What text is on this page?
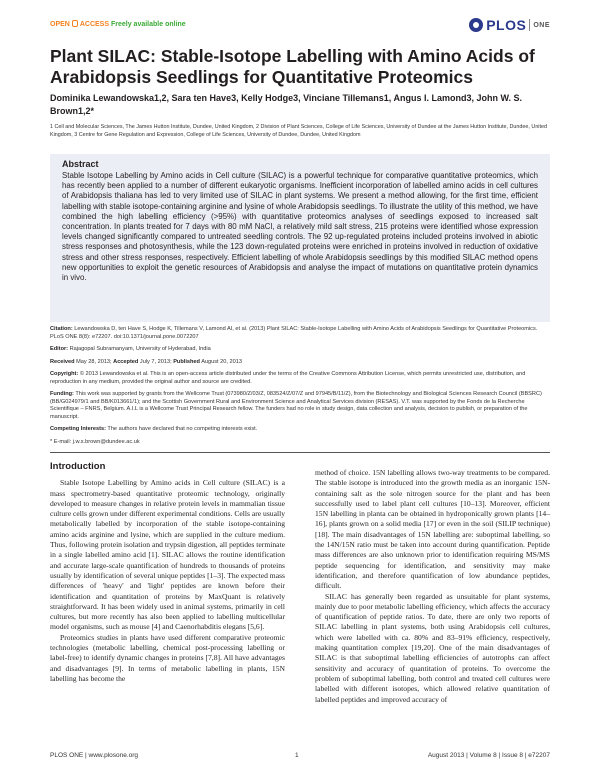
OPEN ACCESS Freely available online	PLOS ONE
Plant SILAC: Stable-Isotope Labelling with Amino Acids of Arabidopsis Seedlings for Quantitative Proteomics
Dominika Lewandowska1,2, Sara ten Have3, Kelly Hodge3, Vinciane Tillemans1, Angus I. Lamond3, John W. S. Brown1,2*
1 Cell and Molecular Sciences, The James Hutton Institute, Dundee, United Kingdom, 2 Division of Plant Sciences, College of Life Sciences, University of Dundee at the James Hutton Institute, Dundee, United Kingdom, 3 Centre for Gene Regulation and Expression, College of Life Sciences, University of Dundee, Dundee, United Kingdom
Abstract
Stable Isotope Labelling by Amino acids in Cell culture (SILAC) is a powerful technique for comparative quantitative proteomics, which has recently been applied to a number of different eukaryotic organisms. Inefficient incorporation of labelled amino acids in cell cultures of Arabidopsis thaliana has led to very limited use of SILAC in plant systems. We present a method allowing, for the first time, efficient labelling with stable isotope-containing arginine and lysine of whole Arabidopsis seedlings. To illustrate the utility of this method, we have combined the high labelling efficiency (>95%) with quantitative proteomics analyses of seedlings exposed to increased salt concentration. In plants treated for 7 days with 80 mM NaCl, a relatively mild salt stress, 215 proteins were identified whose expression levels changed significantly compared to untreated seedling controls. The 92 up-regulated proteins included proteins involved in abiotic stress responses and photosynthesis, while the 123 down-regulated proteins were enriched in proteins involved in reduction of oxidative stress and other stress responses, respectively. Efficient labelling of whole Arabidopsis seedlings by this modified SILAC method opens new opportunities to exploit the genetic resources of Arabidopsis and analyse the impact of mutations on quantitative protein dynamics in vivo.

Citation: Lewandowska D, ten Have S, Hodge K, Tillemans V, Lamond AI, et al. (2013) Plant SILAC: Stable-Isotope Labelling with Amino Acids of Arabidopsis Seedlings for Quantitative Proteomics. PLoS ONE 8(8): e72207. doi:10.1371/journal.pone.0072207

Editor: Rajagopal Subramanyam, University of Hyderabad, India

Received May 28, 2013; Accepted July 7, 2013; Published August 20, 2013

Copyright: © 2013 Lewandowska et al. This is an open-access article distributed under the terms of the Creative Commons Attribution License, which permits unrestricted use, distribution, and reproduction in any medium, provided the original author and source are credited.

Funding: This work was supported by grants from the Wellcome Trust (073980/Z/03/Z, 083524/Z/07/Z and 97945/B/11/Z), from the Biotechnology and Biological Sciences Research Council (BBSRC) (BB/G024979/1 and BB/K013661/1); and the Scottish Government Rural and Environment Science and Analytical Services division (RESAS). V.T. was supported by the Fonds de la Recherche Scientifique – FNRS, Belgium. A.I.L is a Wellcome Trust Principal Research fellow. The funders had no role in study design, data collection and analysis, decision to publish, or preparation of the manuscript.

Competing Interests: The authors have declared that no competing interests exist.

* E-mail: j.w.s.brown@dundee.ac.uk

Introduction

Stable Isotope Labelling by Amino acids in Cell culture (SILAC) is a mass spectrometry-based quantitative proteomic technology, originally developed to measure changes in relative protein levels in mammalian tissue culture cells grown under different experimental conditions. Cells are usually metabolically labelled by incorporation of the stable isotope-containing amino acids arginine and lysine, which are supplied in the culture medium. Thus, following protein isolation and trypsin digestion, all peptides terminate in a single labelled amino acid [1]. SILAC allows the routine identification and accurate large-scale quantification of hundreds to thousands of proteins usually by identification of several unique peptides [1–3]. The expected mass differences of 'heavy' and 'light' peptides are known before their identification and quantitation of proteins by MaxQuant is relatively straightforward. It has been widely used in animal systems, primarily in cell cultures, but more recently has also been applied to labelling multicellular model organisms, such as mouse [4] and Caenorhabditis elegans [5,6].

Proteomics studies in plants have used different comparative proteomic technologies (metabolic labelling, chemical post-processing labelling or label-free) to identify dynamic changes in proteins [7,8]. All have advantages and disadvantages [9]. In terms of metabolic labelling in plants, 15N labelling has become the

method of choice. 15N labelling allows two-way treatments to be compared. The stable isotope is introduced into the growth media as an inorganic 15N-containing salt as the sole nitrogen source for the plant and has been successfully used to label plant cell cultures [10–13]. Moreover, efficient 15N labelling in planta can be obtained in hydroponically grown plants [14–16], plants grown on a solid media [17] or even in the soil (SILIP technique) [18]. The main disadvantages of 15N labelling are: suboptimal labelling, so the 14N/15N ratio must be taken into account during quantification. Peptide mass differences are also unknown prior to identification requiring MS/MS peptide sequencing for identification, and sensitivity may make identification, and therefore quantification of low abundance peptides, difficult.

SILAC has generally been regarded as unsuitable for plant systems, mainly due to poor metabolic labelling efficiency, which affects the accuracy of quantification of peptide ratios. To date, there are only two reports of SILAC labelling in plant systems, both using Arabidopsis cell cultures, which were labelled with ca. 80% and 83–91% efficiency, respectively, making quantitation complex [19,20]. One of the main disadvantages of SILAC is that suboptimal labelling efficiencies of autotrophs can affect sensitivity and accuracy of quantitation of proteins. To overcome the problem of suboptimal labelling, both control and treated cell cultures were labelled with different isotopes, which allowed relative quantitation of labelled peptides and improved accuracy of

PLOS ONE | www.plosone.org	1	August 2013 | Volume 8 | Issue 8 | e72207
